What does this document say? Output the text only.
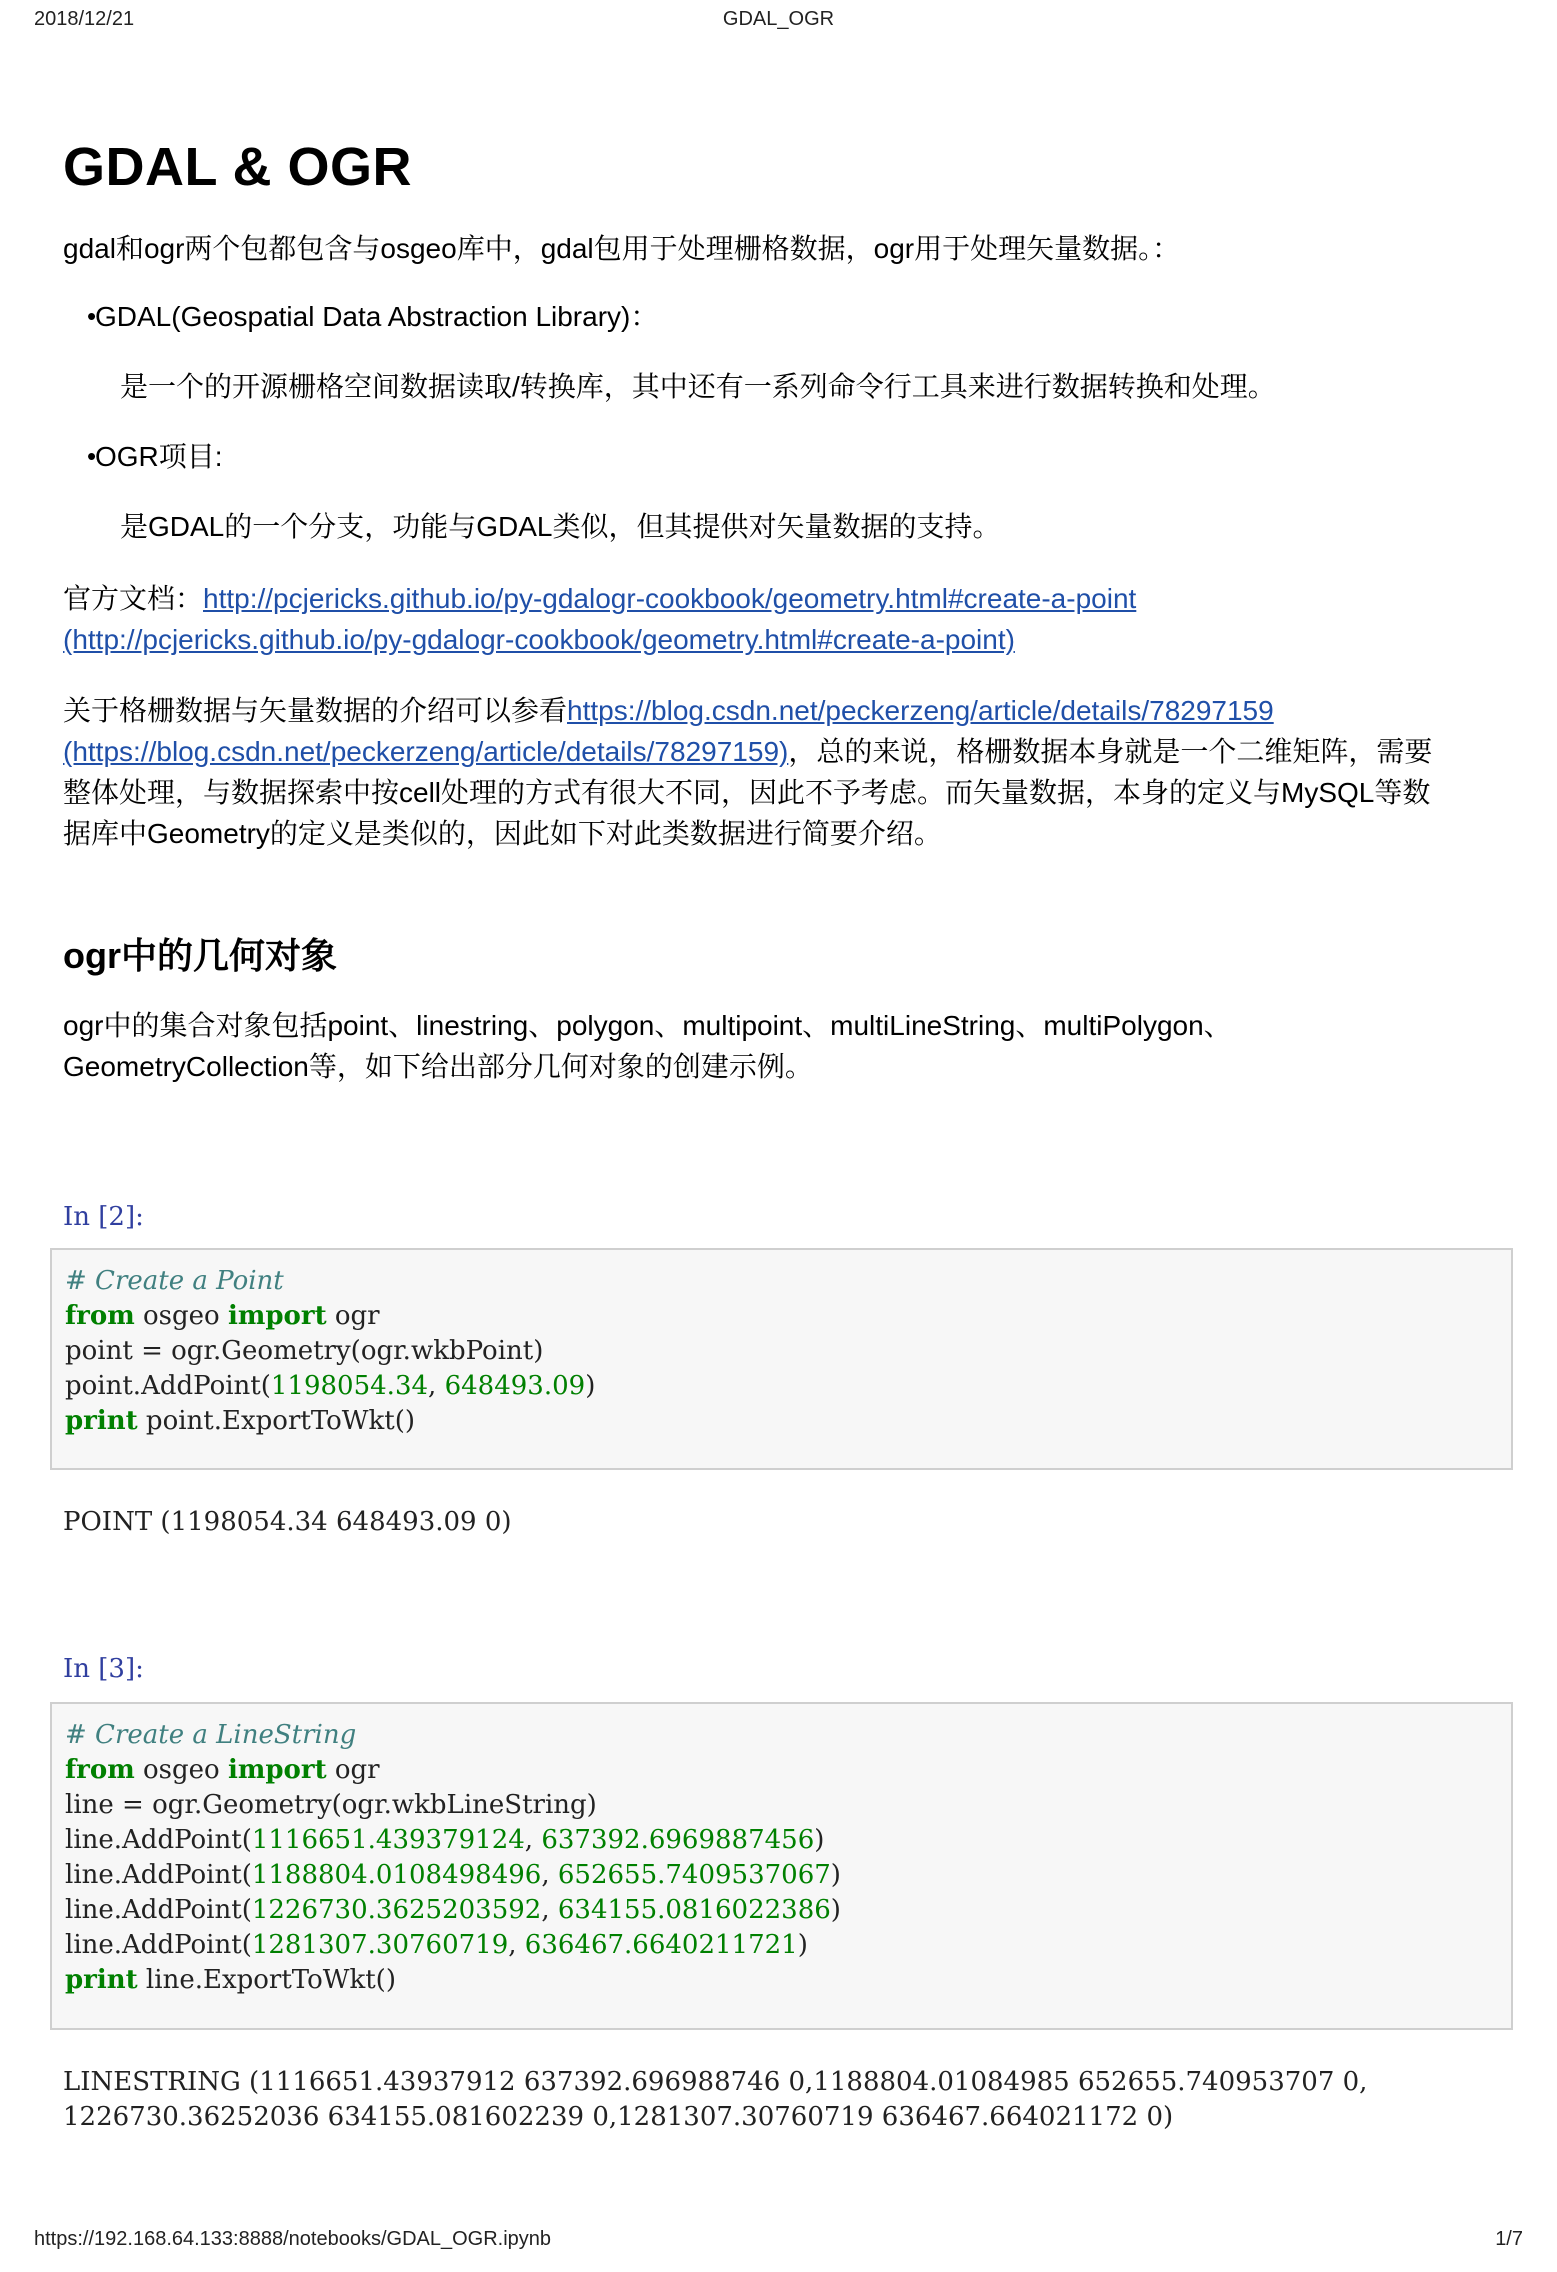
2018/12/21	GDAL_OGR
GDAL & OGR

gdal和ogr两个包都包含与osgeo库中，gdal包用于处理栅格数据，ogr用于处理矢量数据。：

•

GDAL(Geospatial Data Abstraction Library)：

是一个的开源栅格空间数据读取/转换库，其中还有一系列命令行工具来进行数据转换和处理。

•

OGR项目:

是GDAL的一个分支，功能与GDAL类似，但其提供对矢量数据的支持。

官方文档：http://pcjericks.github.io/py-gdalogr-cookbook/geometry.html#create-a-point

(http://pcjericks.github.io/py-gdalogr-cookbook/geometry.html#create-a-point)

关于格栅数据与矢量数据的介绍可以参看https://blog.csdn.net/peckerzeng/article/details/78297159

(https://blog.csdn.net/peckerzeng/article/details/78297159)，总的来说，格栅数据本身就是一个二维矩阵，需要

整体处理，与数据探索中按cell处理的方式有很大不同，因此不予考虑。而矢量数据，本身的定义与MySQL等数

据库中Geometry的定义是类似的，因此如下对此类数据进行简要介绍。

ogr中的几何对象

ogr中的集合对象包括point、linestring、polygon、multipoint、multiLineString、multiPolygon、

GeometryCollection等，如下给出部分几何对象的创建示例。

In [2]:
# Create a Point
from osgeo import ogr
point = ogr.Geometry(ogr.wkbPoint)
point.AddPoint(1198054.34, 648493.09)
print point.ExportToWkt()
POINT (1198054.34 648493.09 0)
In [3]:
# Create a LineString
from osgeo import ogr
line = ogr.Geometry(ogr.wkbLineString)
line.AddPoint(1116651.439379124, 637392.6969887456)
line.AddPoint(1188804.0108498496, 652655.7409537067)
line.AddPoint(1226730.3625203592, 634155.0816022386)
line.AddPoint(1281307.30760719, 636467.6640211721)
print line.ExportToWkt()
LINESTRING (1116651.43937912 637392.696988746 0,1188804.01084985 652655.740953707 0,
1226730.36252036 634155.081602239 0,1281307.30760719 636467.664021172 0)
https://192.168.64.133:8888/notebooks/GDAL_OGR.ipynb	1/7
